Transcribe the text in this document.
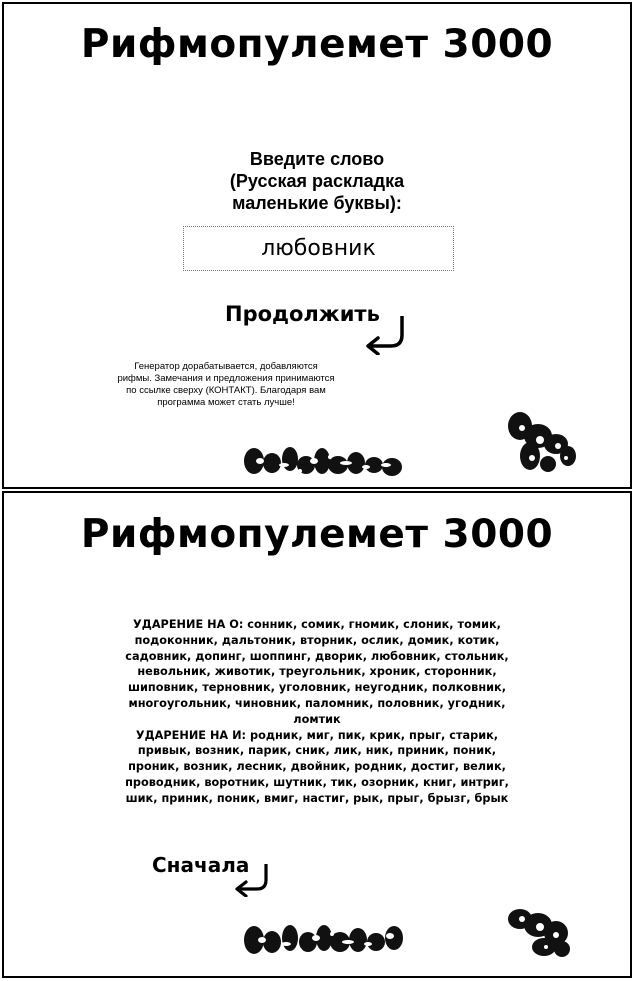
Рифмопулемет 3000
Введите слово
(Русская раскладка
маленькие буквы):
любовник
Продолжить
Генератор дорабатывается, добавляются
рифмы. Замечания и предложения принимаются
по ссылке сверху (КОНТАКТ). Благодаря вам
программа может стать лучше!
Рифмопулемет 3000
УДАРЕНИЕ НА О: сонник, сомик, гномик, слоник, томик, подоконник, дальтоник, вторник, ослик, домик, котик, садовник, допинг, шоппинг, дворик, любовник, стольник, невольник, животик, треугольник, хроник, сторонник, шиповник, терновник, уголовник, неугодник, полковник, многоугольник, чиновник, паломник, половник, угодник, ломтик
УДАРЕНИЕ НА И: родник, миг, пик, крик, прыг, старик, привык, возник, парик, сник, лик, ник, приник, поник, проник, возник, лесник, двойник, родник, достиг, велик, проводник, воротник, шутник, тик, озорник, книг, интриг, шик, приник, поник, вмиг, настиг, рык, прыг, брызг, брык
Сначала
